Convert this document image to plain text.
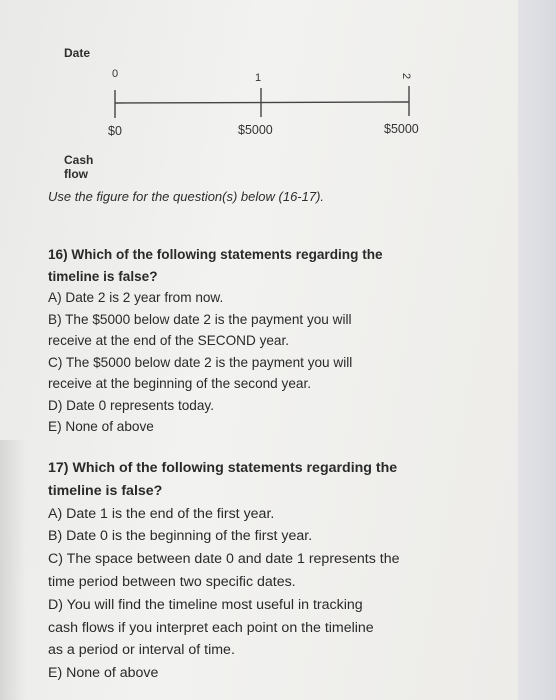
Date
0	1	2
$0	$5000	$5000
Cash
flow
Use the figure for the question(s) below (16-17).

16) Which of the following statements regarding the

timeline is false?

A) Date 2 is 2 year from now.

B) The $5000 below date 2 is the payment you will

receive at the end of the SECOND year.

C) The $5000 below date 2 is the payment you will

receive at the beginning of the second year.

D) Date 0 represents today.

E) None of above

17) Which of the following statements regarding the

timeline is false?

A) Date 1 is the end of the first year.

B) Date 0 is the beginning of the first year.

C) The space between date 0 and date 1 represents the

time period between two specific dates.

D) You will find the timeline most useful in tracking

cash flows if you interpret each point on the timeline

as a period or interval of time.

E) None of above
